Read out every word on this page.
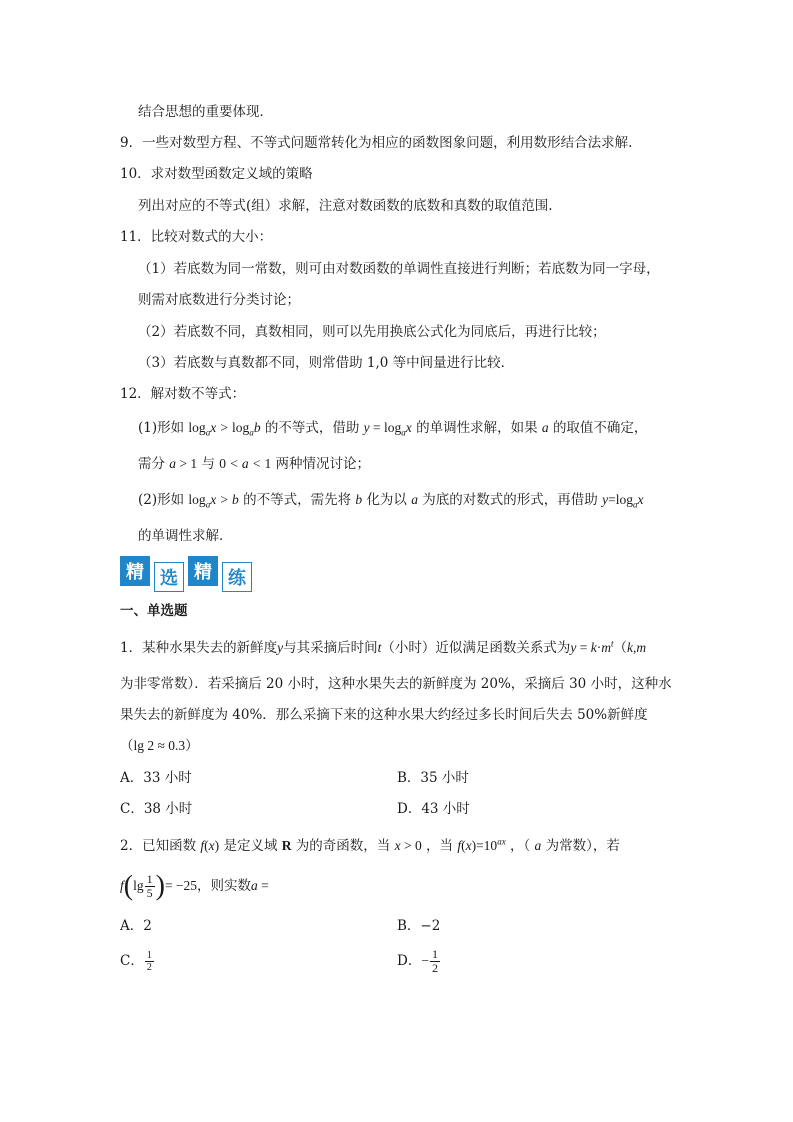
结合思想的重要体现．
9．一些对数型方程、不等式问题常转化为相应的函数图象问题，利用数形结合法求解.
10．求对数型函数定义域的策略
列出对应的不等式(组）求解，注意对数函数的底数和真数的取值范围.
11．比较对数式的大小：
（1）若底数为同一常数，则可由对数函数的单调性直接进行判断；若底数为同一字母，
则需对底数进行分类讨论；
（2）若底数不同，真数相同，则可以先用换底公式化为同底后，再进行比较；
（3）若底数与真数都不同，则常借助 1,0 等中间量进行比较．
12．解对数不等式：
(1)形如 $\log_ax > \log_ab$ 的不等式，借助 $y = \log_ax$ 的单调性求解，如果 a 的取值不确定，
需分 a > 1 与 0 < a < 1 两种情况讨论；
(2)形如 $\log_ax > b$ 的不等式，需先将 b 化为以 a 为底的对数式的形式，再借助 $y=\log_ax$
的单调性求解．
精 选 精 练
一、单选题
1．某种水果失去的新鲜度y与其采摘后时间t（小时）近似满足函数关系式为$y = k\cdot m^t(k,m$
为非零常数）．若采摘后 20 小时，这种水果失去的新鲜度为 20%，采摘后 30 小时，这种水
果失去的新鲜度为 40%．那么采摘下来的这种水果大约经过多长时间后失去 50%新鲜度
（lg 2 ≈ 0.3）
A．33 小时	B．35 小时
C．38 小时	D．43 小时
2．已知函数 f(x) 是定义域 R 为的奇函数，当 x > 0 ，当 $f(x)=10^{ax}$ ，（ a 为常数），若
$f(\lg \frac{1}{5}$ )= −25，则实数a =
A．2	B．−2
C． $\frac{1}{2}$	D．− $\frac{1}{2}$
